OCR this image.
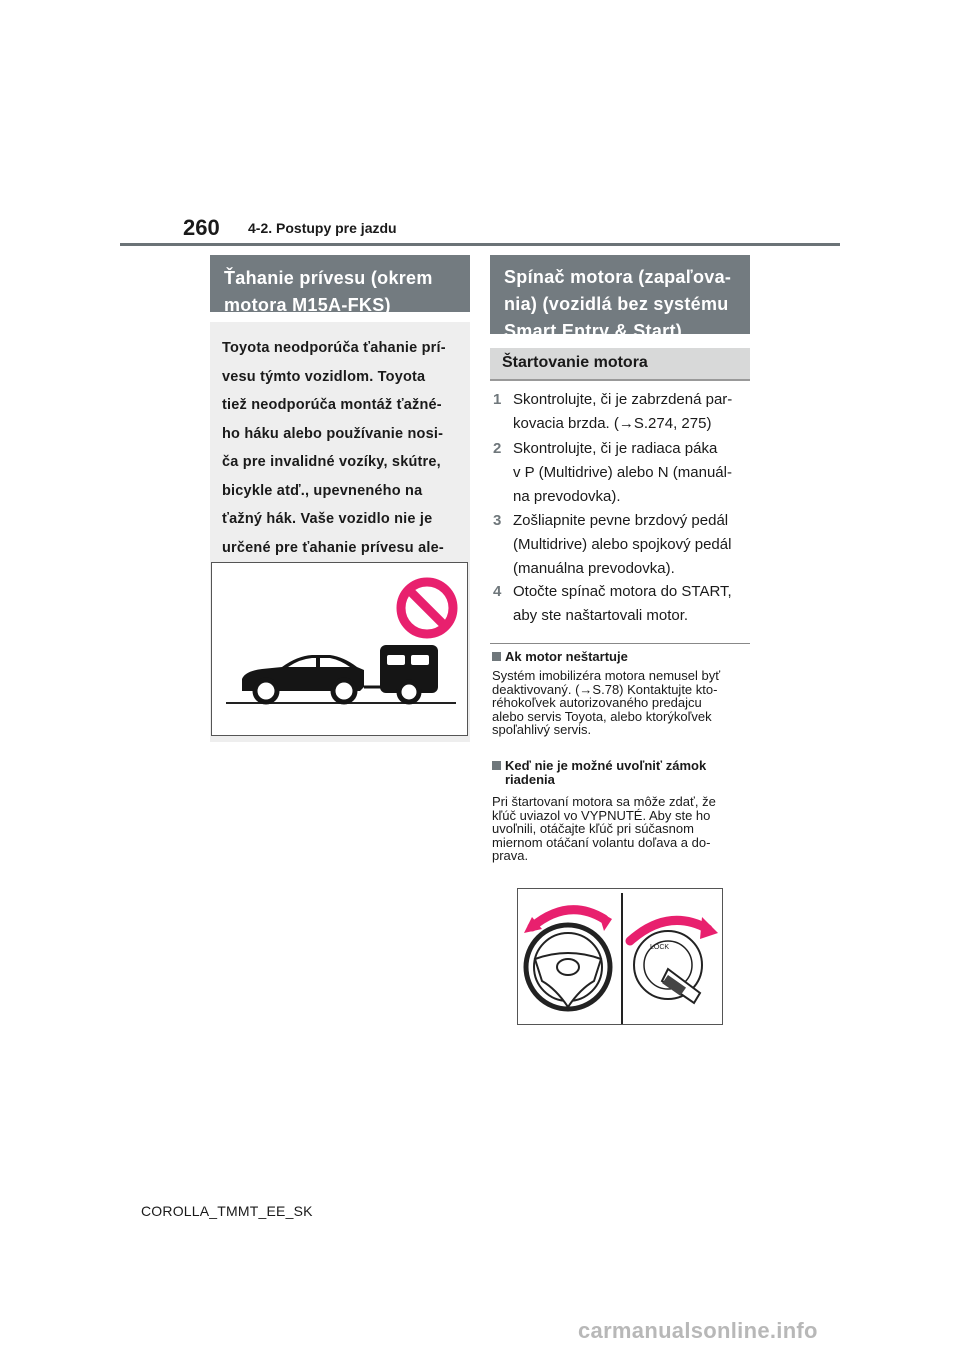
260 4-2. Postupy pre jazdu
Ťahanie prívesu (okrem
motora M15A-FKS)
Toyota neodporúča ťahanie prí-
vesu týmto vozidlom. Toyota
tiež neodporúča montáž ťažné-
ho háku alebo používanie nosi-
ča pre invalidné vozíky, skútre,
bicykle atď., upevneného na
ťažný hák. Vaše vozidlo nie je
určené pre ťahanie prívesu ale-
Spínač motora (zapaľova-
nia) (vozidlá bez systému
Smart Entry & Start)
Štartovanie motora
1 Skontrolujte, či je zabrzdená par-
kovacia brzda. (→S.274, 275)
2 Skontrolujte, či je radiaca páka
v P (Multidrive) alebo N (manuál-
na prevodovka).
3 Zošliapnite pevne brzdový pedál
(Multidrive) alebo spojkový pedál
(manuálna prevodovka).
4 Otočte spínač motora do START,
aby ste naštartovali motor.
Ak motor neštartuje
Systém imobilizéra motora nemusel byť
deaktivovaný. (→S.78) Kontaktujte kto-
réhokoľvek autorizovaného predajcu
alebo servis Toyota, alebo ktorýkoľvek
spoľahlivý servis.
Keď nie je možné uvoľniť zámok
riadenia
Pri štartovaní motora sa môže zdať, že
kľúč uviazol vo VYPNUTÉ. Aby ste ho
uvoľnili, otáčajte kľúč pri súčasnom
miernom otáčaní volantu doľava a do-
prava.
LOCK
COROLLA_TMMT_EE_SK
carmanualsonline.info
